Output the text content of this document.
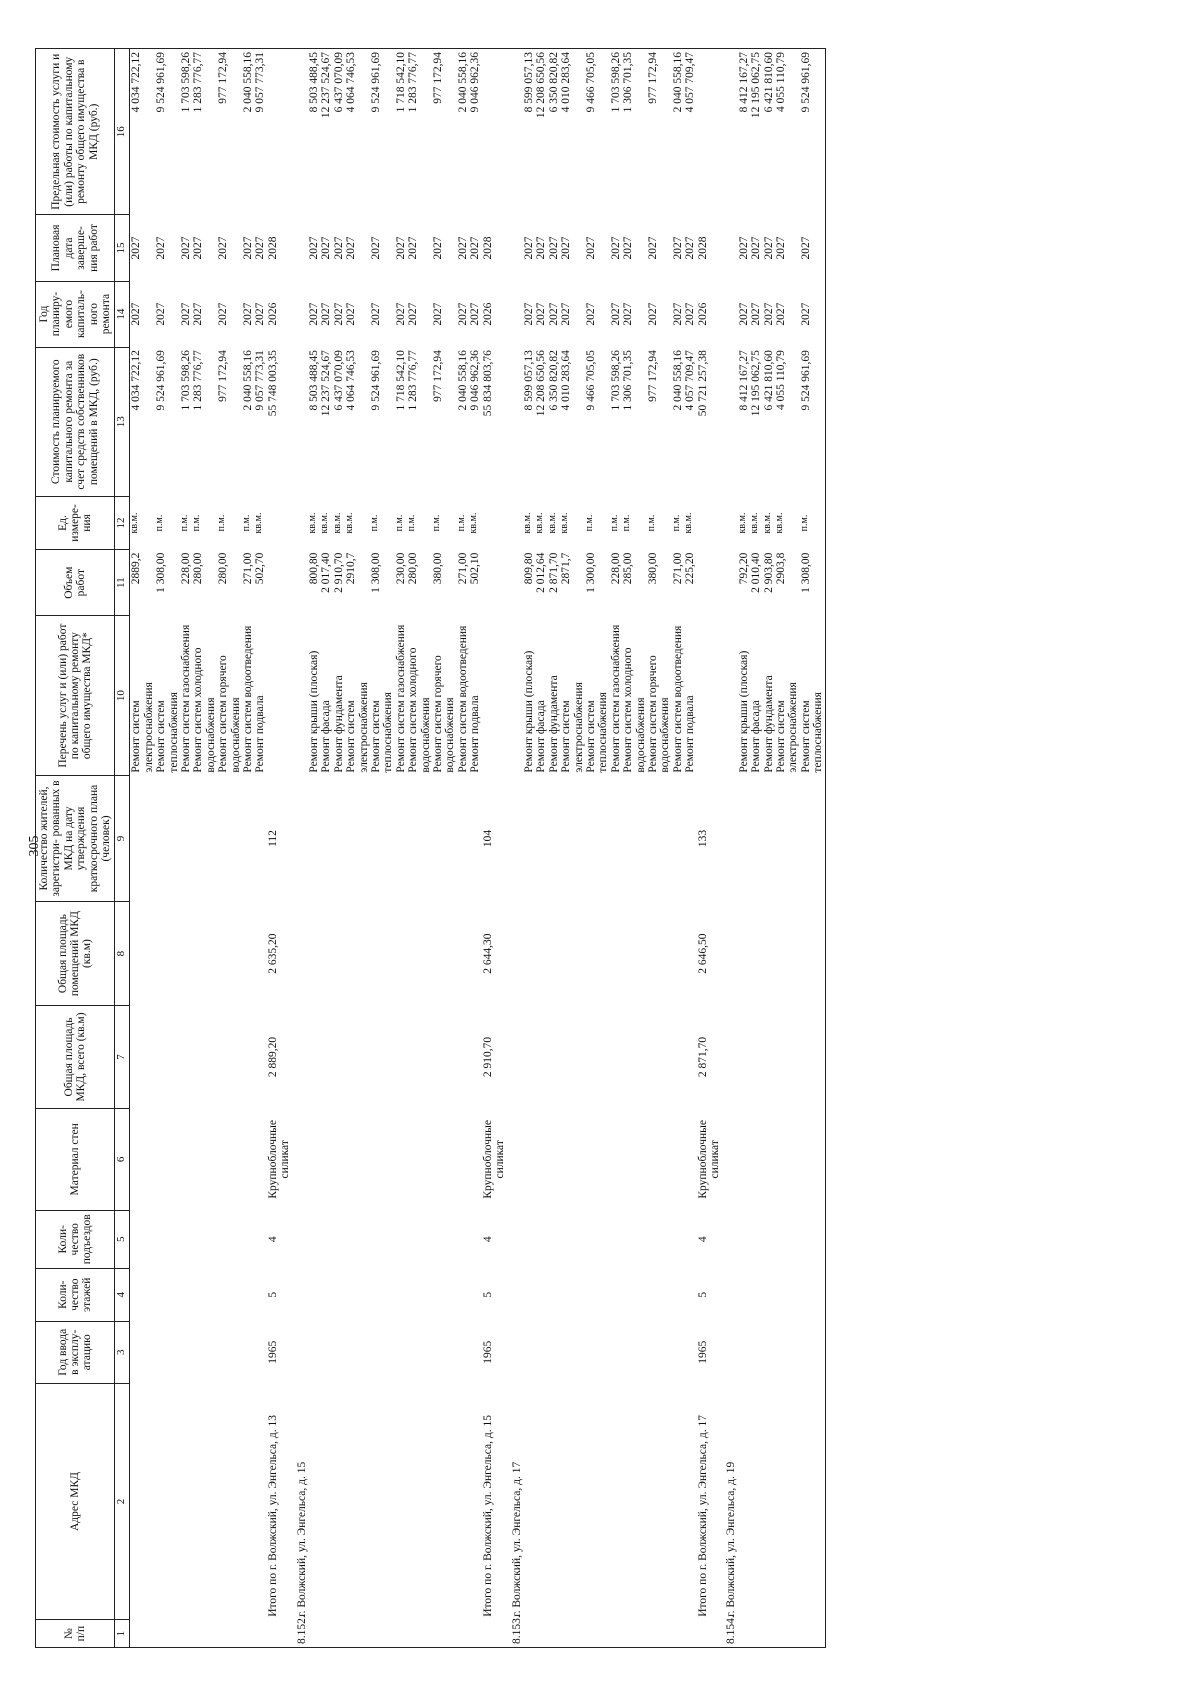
305
№ п/п	Адрес МКД	Год ввода в эксплу- атацию	Коли- чество этажей	Коли- чество подъездов	Материал стен	Общая площадь МКД, всего (кв.м)	Общая площадь помещений МКД (кв.м)	Количество жителей, зарегистри- рованных в МКД на дату утверждения краткосрочного плана (человек)	Перечень услуг и (или) работ по капитальному ремонту общего имущества МКД*	Объем работ	Ед. измере- ния	Стоимость планируемого капитального ремонта за счет средств собственников помещений в МКД, (руб.)	Год планиру- емого капиталь- ного ремонта	Плановая дата заверше- ния работ	Предельная стоимость услуги и (или) работы по капитальному ремонту общего имущества в МКД (руб.)
1	2	3	4	5	6	7	8	9	10	11	12	13	14	15	16
									Ремонт систем электроснабжения	2889,2	кв.м.	4 034 722,12	2027	2027	4 034 722,12
									Ремонт систем теплоснабжения	1 308,00	п.м.	9 524 961,69	2027	2027	9 524 961,69
									Ремонт систем газоснабжения	228,00	п.м.	1 703 598,26	2027	2027	1 703 598,26
									Ремонт систем холодного водоснабжения	280,00	п.м.	1 283 776,77	2027	2027	1 283 776,77
									Ремонт систем горячего водоснабжения	280,00	п.м.	977 172,94	2027	2027	977 172,94
									Ремонт систем водоотведения	271,00	п.м.	2 040 558,16	2027	2027	2 040 558,16
									Ремонт подвала	502,70	кв.м.	9 057 773,31	2027	2027	9 057 773,31
	Итого по г. Волжский, ул. Энгельса, д. 13	1965	5	4	Крупноблочные силикат	2 889,20	2 635,20	112				55 748 003,35	2026	2028	

8.152.	г. Волжский, ул. Энгельса, д. 15														
									Ремонт крыши (плоская)	800,80	кв.м.	8 503 488,45	2027	2027	8 503 488,45
									Ремонт фасада	2 017,40	кв.м.	12 237 524,67	2027	2027	12 237 524,67
									Ремонт фундамента	2 910,70	кв.м.	6 437 070,09	2027	2027	6 437 070,09
									Ремонт систем электроснабжения	2910,7	кв.м.	4 064 746,53	2027	2027	4 064 746,53
									Ремонт систем теплоснабжения	1 308,00	п.м.	9 524 961,69	2027	2027	9 524 961,69
									Ремонт систем газоснабжения	230,00	п.м.	1 718 542,10	2027	2027	1 718 542,10
									Ремонт систем холодного водоснабжения	280,00	п.м.	1 283 776,77	2027	2027	1 283 776,77
									Ремонт систем горячего водоснабжения	380,00	п.м.	977 172,94	2027	2027	977 172,94
									Ремонт систем водоотведения	271,00	п.м.	2 040 558,16	2027	2027	2 040 558,16
									Ремонт подвала	502,10	кв.м.	9 046 962,36	2027	2027	9 046 962,36
	Итого по г. Волжский, ул. Энгельса, д. 15	1965	5	4	Крупноблочные силикат	2 910,70	2 644,30	104				55 834 803,76	2026	2028	

8.153.	г. Волжский, ул. Энгельса, д. 17														
									Ремонт крыши (плоская)	809,80	кв.м.	8 599 057,13	2027	2027	8 599 057,13
									Ремонт фасада	2 012,64	кв.м.	12 208 650,56	2027	2027	12 208 650,56
									Ремонт фундамента	2 871,70	кв.м.	6 350 820,82	2027	2027	6 350 820,82
									Ремонт систем электроснабжения	2871,7	кв.м.	4 010 283,64	2027	2027	4 010 283,64
									Ремонт систем теплоснабжения	1 300,00	п.м.	9 466 705,05	2027	2027	9 466 705,05
									Ремонт систем газоснабжения	228,00	п.м.	1 703 598,26	2027	2027	1 703 598,26
									Ремонт систем холодного водоснабжения	285,00	п.м.	1 306 701,35	2027	2027	1 306 701,35
									Ремонт систем горячего водоснабжения	380,00	п.м.	977 172,94	2027	2027	977 172,94
									Ремонт систем водоотведения	271,00	п.м.	2 040 558,16	2027	2027	2 040 558,16
									Ремонт подвала	225,20	кв.м.	4 057 709,47	2027	2027	4 057 709,47
	Итого по г. Волжский, ул. Энгельса, д. 17	1965	5	4	Крупноблочные силикат	2 871,70	2 646,50	133				50 721 257,38	2026	2028	

8.154.	г. Волжский, ул. Энгельса, д. 19														
									Ремонт крыши (плоская)	792,20	кв.м.	8 412 167,27	2027	2027	8 412 167,27
									Ремонт фасада	2 010,40	кв.м.	12 195 062,75	2027	2027	12 195 062,75
									Ремонт фундамента	2 903,80	кв.м.	6 421 810,60	2027	2027	6 421 810,60
									Ремонт систем электроснабжения	2903,8	кв.м.	4 055 110,79	2027	2027	4 055 110,79
									Ремонт систем теплоснабжения	1 308,00	п.м.	9 524 961,69	2027	2027	9 524 961,69
